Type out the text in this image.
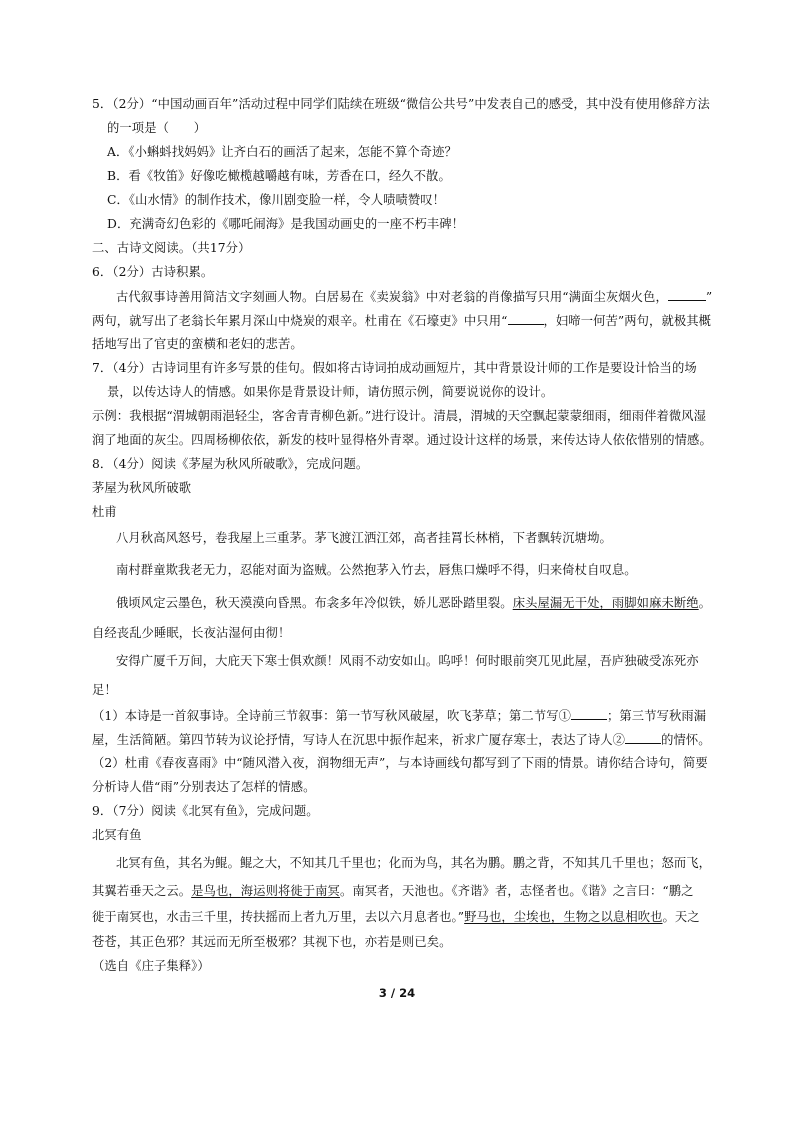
5．（2分）“中国动画百年”活动过程中同学们陆续在班级“微信公共号”中发表自己的感受，其中没有使用修辞方法
的一项是（　　）
A．《小蝌蚪找妈妈》让齐白石的画活了起来，怎能不算个奇迹？
B．看《牧笛》好像吃橄榄越嚼越有味，芳香在口，经久不散。
C．《山水情》的制作技术，像川剧变脸一样，令人啧啧赞叹！
D．充满奇幻色彩的《哪吒闹海》是我国动画史的一座不朽丰碑！
二、古诗文阅读。（共17分）
6．（2分）古诗积累。
古代叙事诗善用简洁文字刻画人物。白居易在《卖炭翁》中对老翁的肖像描写只用“满面尘灰烟火色，	”
两句，就写出了老翁长年累月深山中烧炭的艰辛。杜甫在《石壕吏》中只用“	，妇啼一何苦”两句，就极其概
括地写出了官吏的蛮横和老妇的悲苦。
7．（4分）古诗词里有许多写景的佳句。假如将古诗词拍成动画短片，其中背景设计师的工作是要设计恰当的场
景，以传达诗人的情感。如果你是背景设计师，请仿照示例，简要说说你的设计。
示例：我根据“渭城朝雨浥轻尘，客舍青青柳色新。”进行设计。清晨，渭城的天空飘起蒙蒙细雨，细雨伴着微风湿
润了地面的灰尘。四周杨柳依依，新发的枝叶显得格外青翠。通过设计这样的场景，来传达诗人依依惜别的情感。
8．（4分）阅读《茅屋为秋风所破歌》，完成问题。
茅屋为秋风所破歌
杜甫
八月秋高风怒号，卷我屋上三重茅。茅飞渡江洒江郊，高者挂罥长林梢，下者飘转沉塘坳。
南村群童欺我老无力，忍能对面为盗贼。公然抱茅入竹去，唇焦口燥呼不得，归来倚杖自叹息。
俄顷风定云墨色，秋天漠漠向昏黑。布衾多年冷似铁，娇儿恶卧踏里裂。床头屋漏无干处，雨脚如麻未断绝。
自经丧乱少睡眠，长夜沾湿何由彻！
安得广厦千万间，大庇天下寒士俱欢颜！风雨不动安如山。呜呼！何时眼前突兀见此屋，吾庐独破受冻死亦
足！
（1）本诗是一首叙事诗。全诗前三节叙事：第一节写秋风破屋，吹飞茅草；第二节写①	；第三节写秋雨漏
屋，生活简陋。第四节转为议论抒情，写诗人在沉思中振作起来，祈求广厦存寒士，表达了诗人②	的情怀。
（2）杜甫《春夜喜雨》中“随风潜入夜，润物细无声”，与本诗画线句都写到了下雨的情景。请你结合诗句，简要
分析诗人借“雨”分别表达了怎样的情感。
9．（7分）阅读《北冥有鱼》，完成问题。
北冥有鱼
北冥有鱼，其名为鲲。鲲之大，不知其几千里也；化而为鸟，其名为鹏。鹏之背，不知其几千里也；怒而飞，
其翼若垂天之云。是鸟也，海运则将徙于南冥。南冥者，天池也。《齐谐》者，志怪者也。《谐》之言曰：“鹏之
徙于南冥也，水击三千里，抟扶摇而上者九万里，去以六月息者也。”野马也，尘埃也，生物之以息相吹也。天之
苍苍，其正色邪？其远而无所至极邪？其视下也，亦若是则已矣。
（选自《庄子集释》）
3 / 24
